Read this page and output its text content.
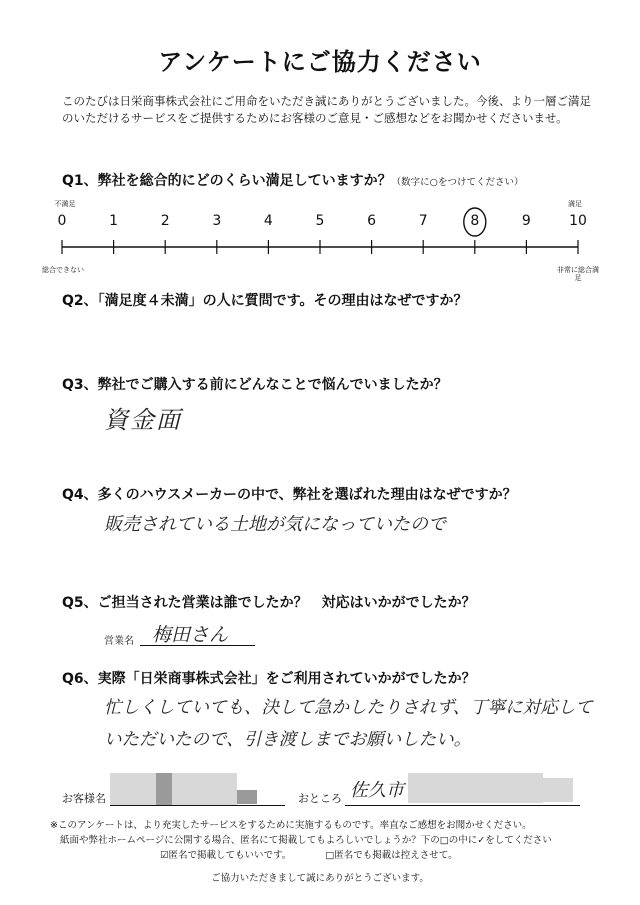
アンケートにご協力ください
このたびは日栄商事株式会社にご用命をいただき誠にありがとうございました。今後、より一層ご満足のいただけるサービスをご提供するためにお客様のご意見・ご感想などをお聞かせくださいませ。
Q1、弊社を総合的にどのくらい満足していますか？（数字に○をつけてください）
不満足	満足
0	1	2	3	4	5	6	7	8	9	10
総合できない	非常に総合満足
Q2、「満足度４未満」の人に質問です。その理由はなぜですか？
Q3、弊社でご購入する前にどんなことで悩んでいましたか？
資金面
Q4、多くのハウスメーカーの中で、弊社を選ばれた理由はなぜですか？
販売されている土地が気になっていたので
Q5、ご担当された営業は誰でしたか？　対応はいかがでしたか？
営業名 梅田さん
Q6、実際「日栄商事株式会社」をご利用されていかがでしたか？
忙しくしていても、決して急かしたりされず、丁寧に対応して
いただいたので、引き渡しまでお願いしたい。
お客様名	おところ 佐久市
※このアンケートは、より充実したサービスをするために実施するものです。率直なご感想をお聞かせください。
紙面や弊社ホームページに公開する場合、匿名にて掲載してもよろしいでしょうか？下の□の中に✓をしてください
☑匿名で掲載してもいいです。	□匿名でも掲載は控えさせて。
ご協力いただきまして誠にありがとうございます。
